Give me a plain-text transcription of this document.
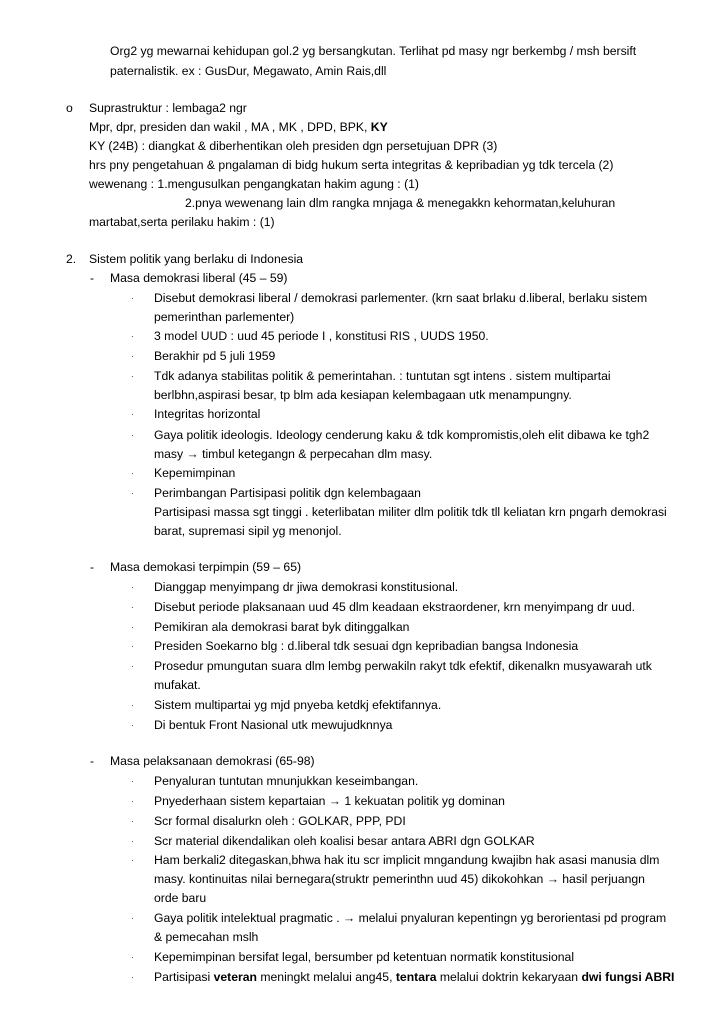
Org2 yg mewarnai kehidupan gol.2 yg bersangkutan. Terlihat pd masy ngr berkembg / msh bersift
paternalistik. ex : GusDur, Megawato, Amin Rais,dll
o Suprastruktur : lembaga2 ngr
Mpr, dpr, presiden dan wakil , MA , MK , DPD, BPK, KY
KY (24B) : diangkat & diberhentikan oleh presiden dgn persetujuan DPR (3)
hrs pny pengetahuan & pngalaman di bidg hukum serta integritas & kepribadian yg tdk tercela (2)
wewenang : 1.mengusulkan pengangkatan hakim agung : (1)
2.pnya wewenang lain dlm rangka mnjaga & menegakkn kehormatan,keluhuran
martabat,serta perilaku hakim : (1)
2. Sistem politik yang berlaku di Indonesia
- Masa demokrasi liberal (45 – 59)
· Disebut demokrasi liberal / demokrasi parlementer. (krn saat brlaku d.liberal, berlaku sistem
pemerinthan parlementer)
· 3 model UUD : uud 45 periode I , konstitusi RIS , UUDS 1950.
· Berakhir pd 5 juli 1959
· Tdk adanya stabilitas politik & pemerintahan. : tuntutan sgt intens . sistem multipartai
berlbhn,aspirasi besar, tp blm ada kesiapan kelembagaan utk menampungny.
· Integritas horizontal
· Gaya politik ideologis. Ideology cenderung kaku & tdk kompromistis,oleh elit dibawa ke tgh2
masy → timbul ketegangn & perpecahan dlm masy.
· Kepemimpinan
· Perimbangan Partisipasi politik dgn kelembagaan
Partisipasi massa sgt tinggi . keterlibatan militer dlm politik tdk tll keliatan krn pngarh demokrasi
barat, supremasi sipil yg menonjol.
- Masa demokasi terpimpin (59 – 65)
· Dianggap menyimpang dr jiwa demokrasi konstitusional.
· Disebut periode plaksanaan uud 45 dlm keadaan ekstraordener, krn menyimpang dr uud.
· Pemikiran ala demokrasi barat byk ditinggalkan
· Presiden Soekarno blg : d.liberal tdk sesuai dgn kepribadian bangsa Indonesia
· Prosedur pmungutan suara dlm lembg perwakiln rakyt tdk efektif, dikenalkn musyawarah utk
mufakat.
· Sistem multipartai yg mjd pnyeba ketdkj efektifannya.
· Di bentuk Front Nasional utk mewujudknnya
- Masa pelaksanaan demokrasi (65-98)
· Penyaluran tuntutan mnunjukkan keseimbangan.
· Pnyederhaan sistem kepartaian → 1 kekuatan politik yg dominan
· Scr formal disalurkn oleh : GOLKAR, PPP, PDI
· Scr material dikendalikan oleh koalisi besar antara ABRI dgn GOLKAR
· Ham berkali2 ditegaskan,bhwa hak itu scr implicit mngandung kwajibn hak asasi manusia dlm
masy. kontinuitas nilai bernegara(struktr pemerinthn uud 45) dikokohkan → hasil perjuangn
orde baru
· Gaya politik intelektual pragmatic . → melalui pnyaluran kepentingn yg berorientasi pd program
& pemecahan mslh
· Kepemimpinan bersifat legal, bersumber pd ketentuan normatik konstitusional
· Partisipasi veteran meningkt melalui ang45, tentara melalui doktrin kekaryaan dwi fungsi ABRI
